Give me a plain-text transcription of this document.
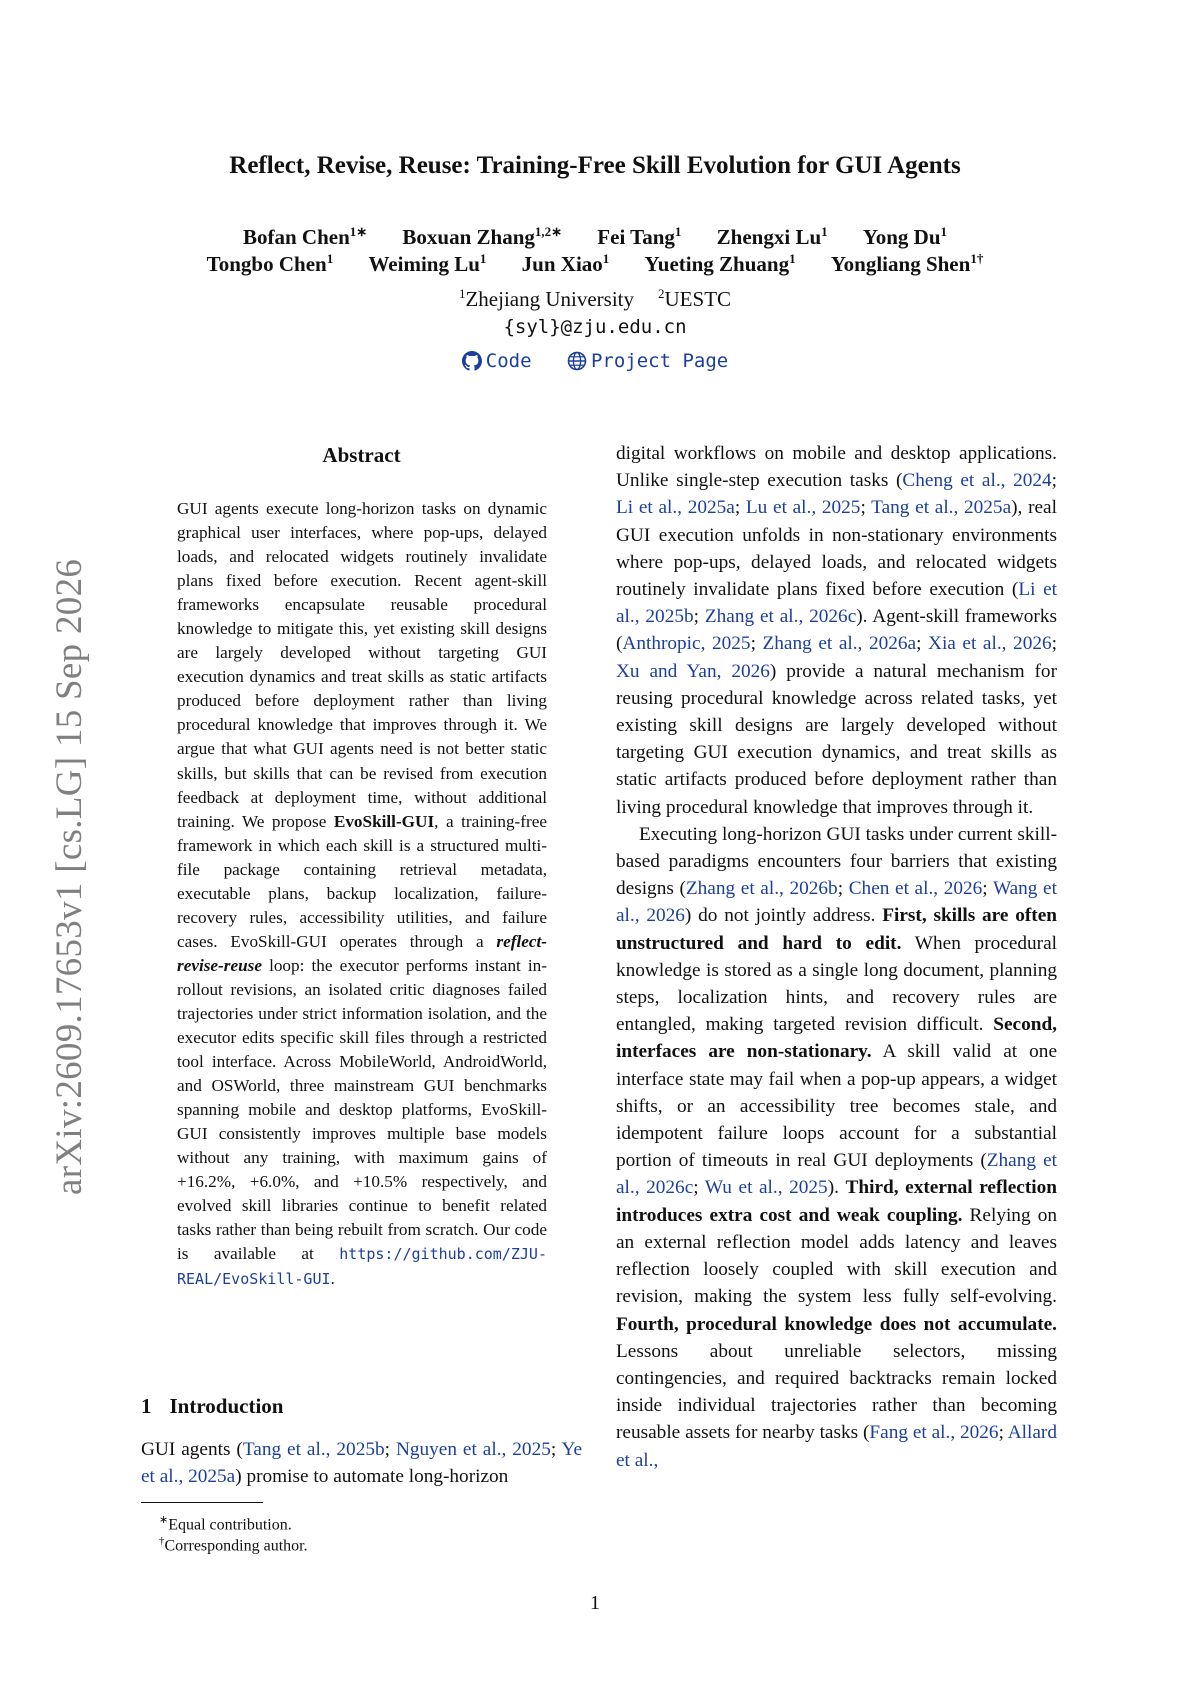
arXiv:2609.17653v1 [cs.LG] 15 Sep 2026
Reflect, Revise, Reuse: Training-Free Skill Evolution for GUI Agents
Bofan Chen$^{1∗}$ Boxuan Zhang$^{1,2∗}$ Fei Tang$^1$ Zhengxi Lu$^1$ Yong Du$^1$
Tongbo Chen$^1$ Weiming Lu$^1$ Jun Xiao$^1$ Yueting Zhuang$^1$ Yongliang Shen$^{1\dagger}$
$^1$Zhejiang University $^2$UESTC
{syl}@zju.edu.cn
Code
	Project Page
Abstract
GUI agents execute long-horizon tasks on dynamic graphical user interfaces, where pop-ups, delayed loads, and relocated widgets routinely invalidate plans fixed before execution. Recent agent-skill frameworks encapsulate reusable procedural knowledge to mitigate this, yet existing skill designs are largely developed without targeting GUI execution dynamics and treat skills as static artifacts produced before deployment rather than living procedural knowledge that improves through it. We argue that what GUI agents need is not better static skills, but skills that can be revised from execution feedback at deployment time, without additional training. We propose EvoSkill-GUI, a training-free framework in which each skill is a structured multi-file package containing retrieval metadata, executable plans, backup localization, failure-recovery rules, accessibility utilities, and failure cases. EvoSkill-GUI operates through a reflect-revise-reuse loop: the executor performs instant in-rollout revisions, an isolated critic diagnoses failed trajectories under strict information isolation, and the executor edits specific skill files through a restricted tool interface. Across MobileWorld, AndroidWorld, and OSWorld, three mainstream GUI benchmarks spanning mobile and desktop platforms, EvoSkill-GUI consistently improves multiple base models without any training, with maximum gains of +16.2%, +6.0%, and +10.5% respectively, and evolved skill libraries continue to benefit related tasks rather than being rebuilt from scratch. Our code is available at https://github.com/ZJU-REAL/EvoSkill-GUI.
1 Introduction

GUI agents (Tang et al., 2025b; Nguyen et al., 2025; Ye et al., 2025a) promise to automate long-horizon

∗Equal contribution.
†Corresponding author.

digital workflows on mobile and desktop applications. Unlike single-step execution tasks (Cheng et al., 2024; Li et al., 2025a; Lu et al., 2025; Tang et al., 2025a), real GUI execution unfolds in non-stationary environments where pop-ups, delayed loads, and relocated widgets routinely invalidate plans fixed before execution (Li et al., 2025b; Zhang et al., 2026c). Agent-skill frameworks (Anthropic, 2025; Zhang et al., 2026a; Xia et al., 2026; Xu and Yan, 2026) provide a natural mechanism for reusing procedural knowledge across related tasks, yet existing skill designs are largely developed without targeting GUI execution dynamics, and treat skills as static artifacts produced before deployment rather than living procedural knowledge that improves through it.

Executing long-horizon GUI tasks under current skill-based paradigms encounters four barriers that existing designs (Zhang et al., 2026b; Chen et al., 2026; Wang et al., 2026) do not jointly address. First, skills are often unstructured and hard to edit. When procedural knowledge is stored as a single long document, planning steps, localization hints, and recovery rules are entangled, making targeted revision difficult. Second, interfaces are non-stationary. A skill valid at one interface state may fail when a pop-up appears, a widget shifts, or an accessibility tree becomes stale, and idempotent failure loops account for a substantial portion of timeouts in real GUI deployments (Zhang et al., 2026c; Wu et al., 2025). Third, external reflection introduces extra cost and weak coupling. Relying on an external reflection model adds latency and leaves reflection loosely coupled with skill execution and revision, making the system less fully self-evolving. Fourth, procedural knowledge does not accumulate. Lessons about unreliable selectors, missing contingencies, and required backtracks remain locked inside individual trajectories rather than becoming reusable assets for nearby tasks (Fang et al., 2026; Allard et al.,

1
